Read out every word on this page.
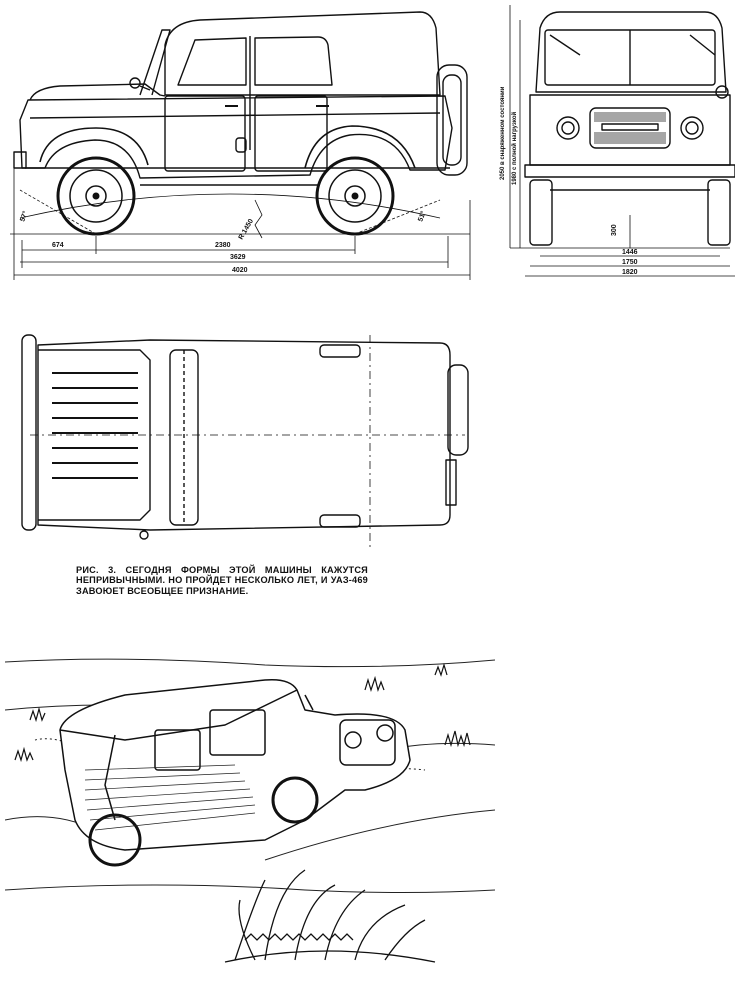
674	2380
3629
4020
R 1450
57°	51°
2050 в снаряженном состоянии 1980 с полной нагрузкой
300
1446
1750
1820
РИС. 3. СЕГОДНЯ ФОРМЫ ЭТОЙ МАШИНЫ КАЖУТСЯ НЕПРИВЫЧНЫМИ. НО ПРОЙДЕТ НЕСКОЛЬКО ЛЕТ, И УАЗ-469 ЗАВОЮЕТ ВСЕОБЩЕЕ ПРИЗНАНИЕ.
